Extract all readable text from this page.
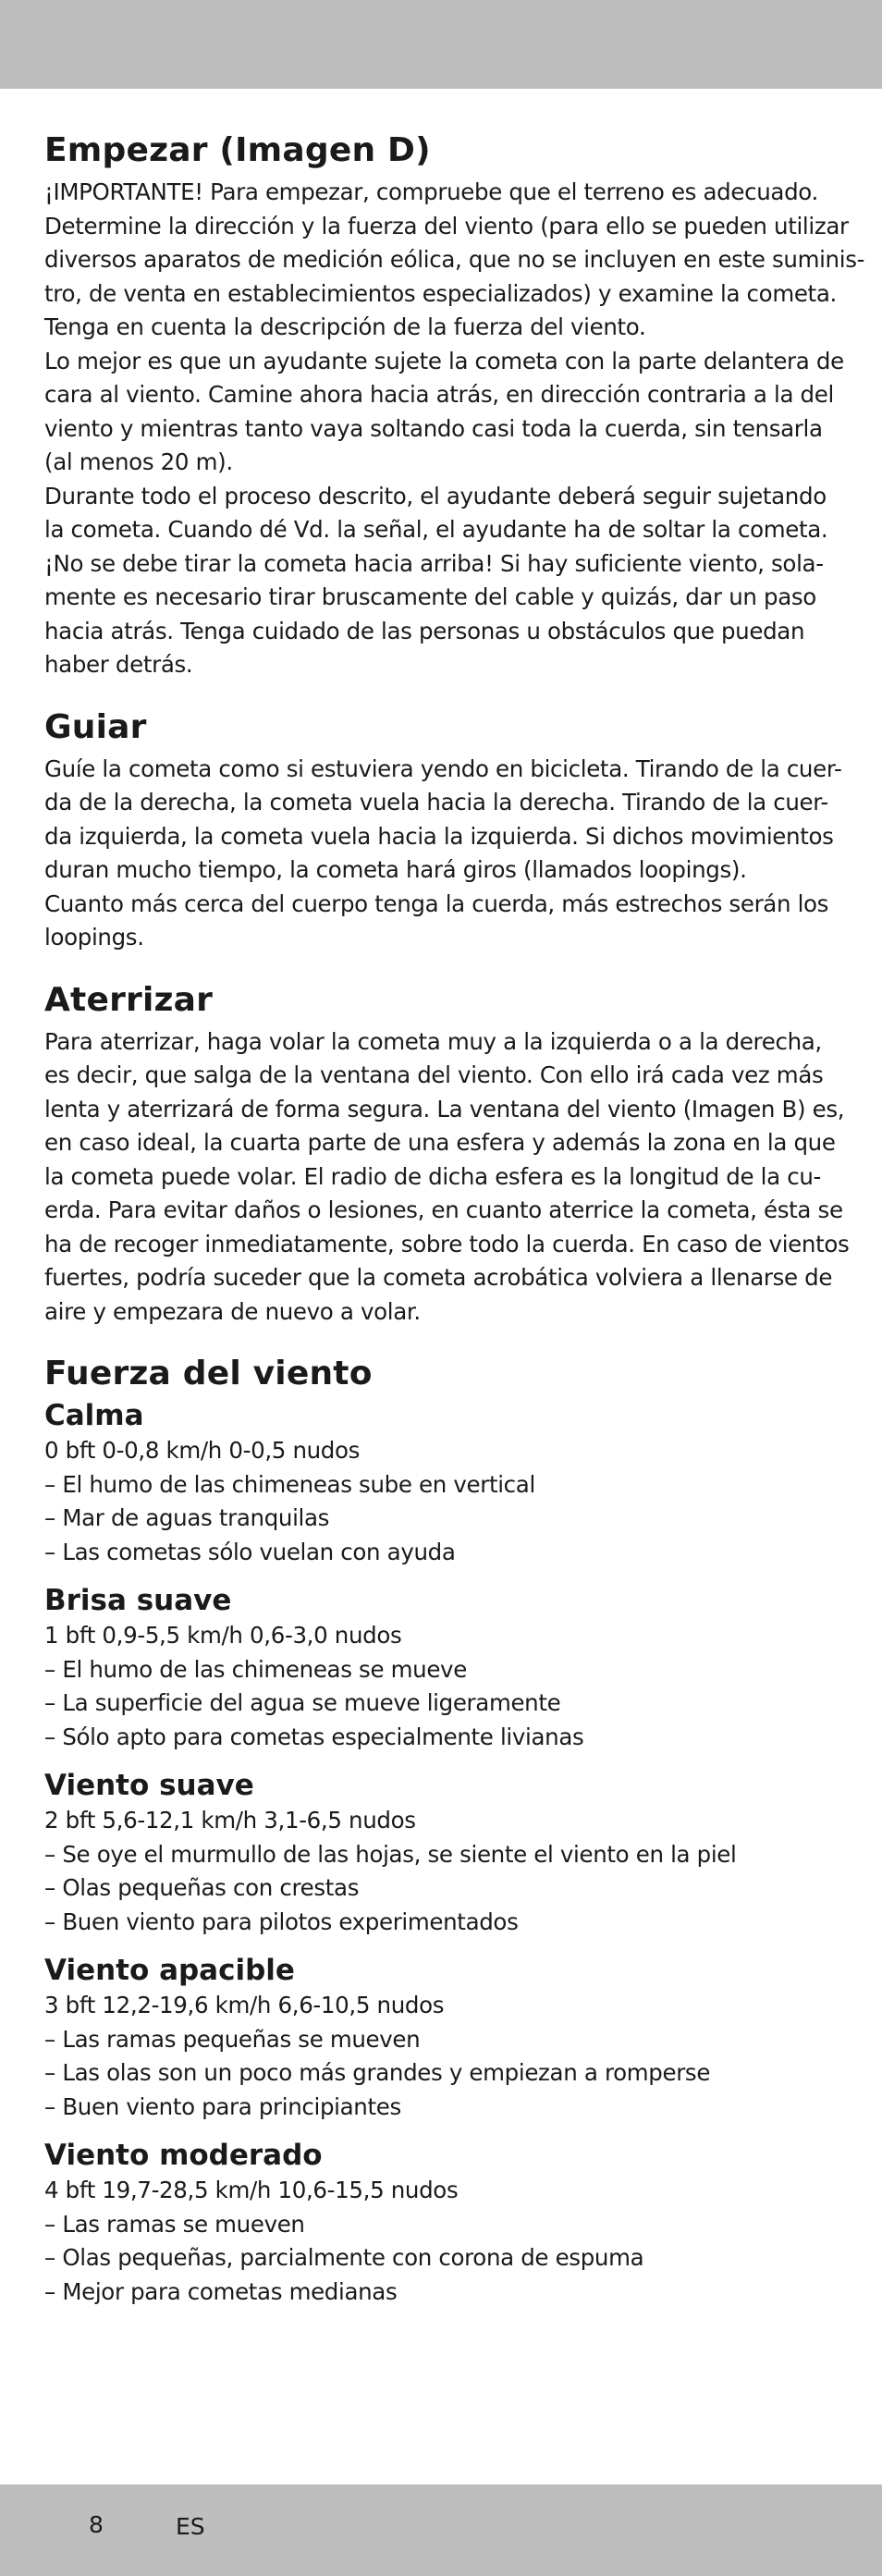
Empezar (Imagen D)

¡IMPORTANTE! Para empezar, compruebe que el terreno es adecuado.
Determine la dirección y la fuerza del viento (para ello se pueden utilizar
diversos aparatos de medición eólica, que no se incluyen en este suminis-
tro, de venta en establecimientos especializados) y examine la cometa.
Tenga en cuenta la descripción de la fuerza del viento.
Lo mejor es que un ayudante sujete la cometa con la parte delantera de
cara al viento. Camine ahora hacia atrás, en dirección contraria a la del
viento y mientras tanto vaya soltando casi toda la cuerda, sin tensarla
(al menos 20 m).
Durante todo el proceso descrito, el ayudante deberá seguir sujetando
la cometa. Cuando dé Vd. la señal, el ayudante ha de soltar la cometa.
¡No se debe tirar la cometa hacia arriba! Si hay suficiente viento, sola-
mente es necesario tirar bruscamente del cable y quizás, dar un paso
hacia atrás. Tenga cuidado de las personas u obstáculos que puedan
haber detrás.

Guiar

Guíe la cometa como si estuviera yendo en bicicleta. Tirando de la cuer-
da de la derecha, la cometa vuela hacia la derecha. Tirando de la cuer-
da izquierda, la cometa vuela hacia la izquierda. Si dichos movimientos
duran mucho tiempo, la cometa hará giros (llamados loopings).
Cuanto más cerca del cuerpo tenga la cuerda, más estrechos serán los
loopings.

Aterrizar

Para aterrizar, haga volar la cometa muy a la izquierda o a la derecha,
es decir, que salga de la ventana del viento. Con ello irá cada vez más
lenta y aterrizará de forma segura. La ventana del viento (Imagen B) es,
en caso ideal, la cuarta parte de una esfera y además la zona en la que
la cometa puede volar. El radio de dicha esfera es la longitud de la cu-
erda. Para evitar daños o lesiones, en cuanto aterrice la cometa, ésta se
ha de recoger inmediatamente, sobre todo la cuerda. En caso de vientos
fuertes, podría suceder que la cometa acrobática volviera a llenarse de
aire y empezara de nuevo a volar.

Fuerza del viento
Calma
0 bft 0-0,8 km/h 0-0,5 nudos
– El humo de las chimeneas sube en vertical
– Mar de aguas tranquilas
– Las cometas sólo vuelan con ayuda
Brisa suave
1 bft 0,9-5,5 km/h 0,6-3,0 nudos
– El humo de las chimeneas se mueve
– La superficie del agua se mueve ligeramente
– Sólo apto para cometas especialmente livianas
Viento suave
2 bft 5,6-12,1 km/h 3,1-6,5 nudos
– Se oye el murmullo de las hojas, se siente el viento en la piel
– Olas pequeñas con crestas
– Buen viento para pilotos experimentados
Viento apacible
3 bft 12,2-19,6 km/h 6,6-10,5 nudos
– Las ramas pequeñas se mueven
– Las olas son un poco más grandes y empiezan a romperse
– Buen viento para principiantes
Viento moderado
4 bft 19,7-28,5 km/h 10,6-15,5 nudos
– Las ramas se mueven
– Olas pequeñas, parcialmente con corona de espuma
– Mejor para cometas medianas
8	ES
